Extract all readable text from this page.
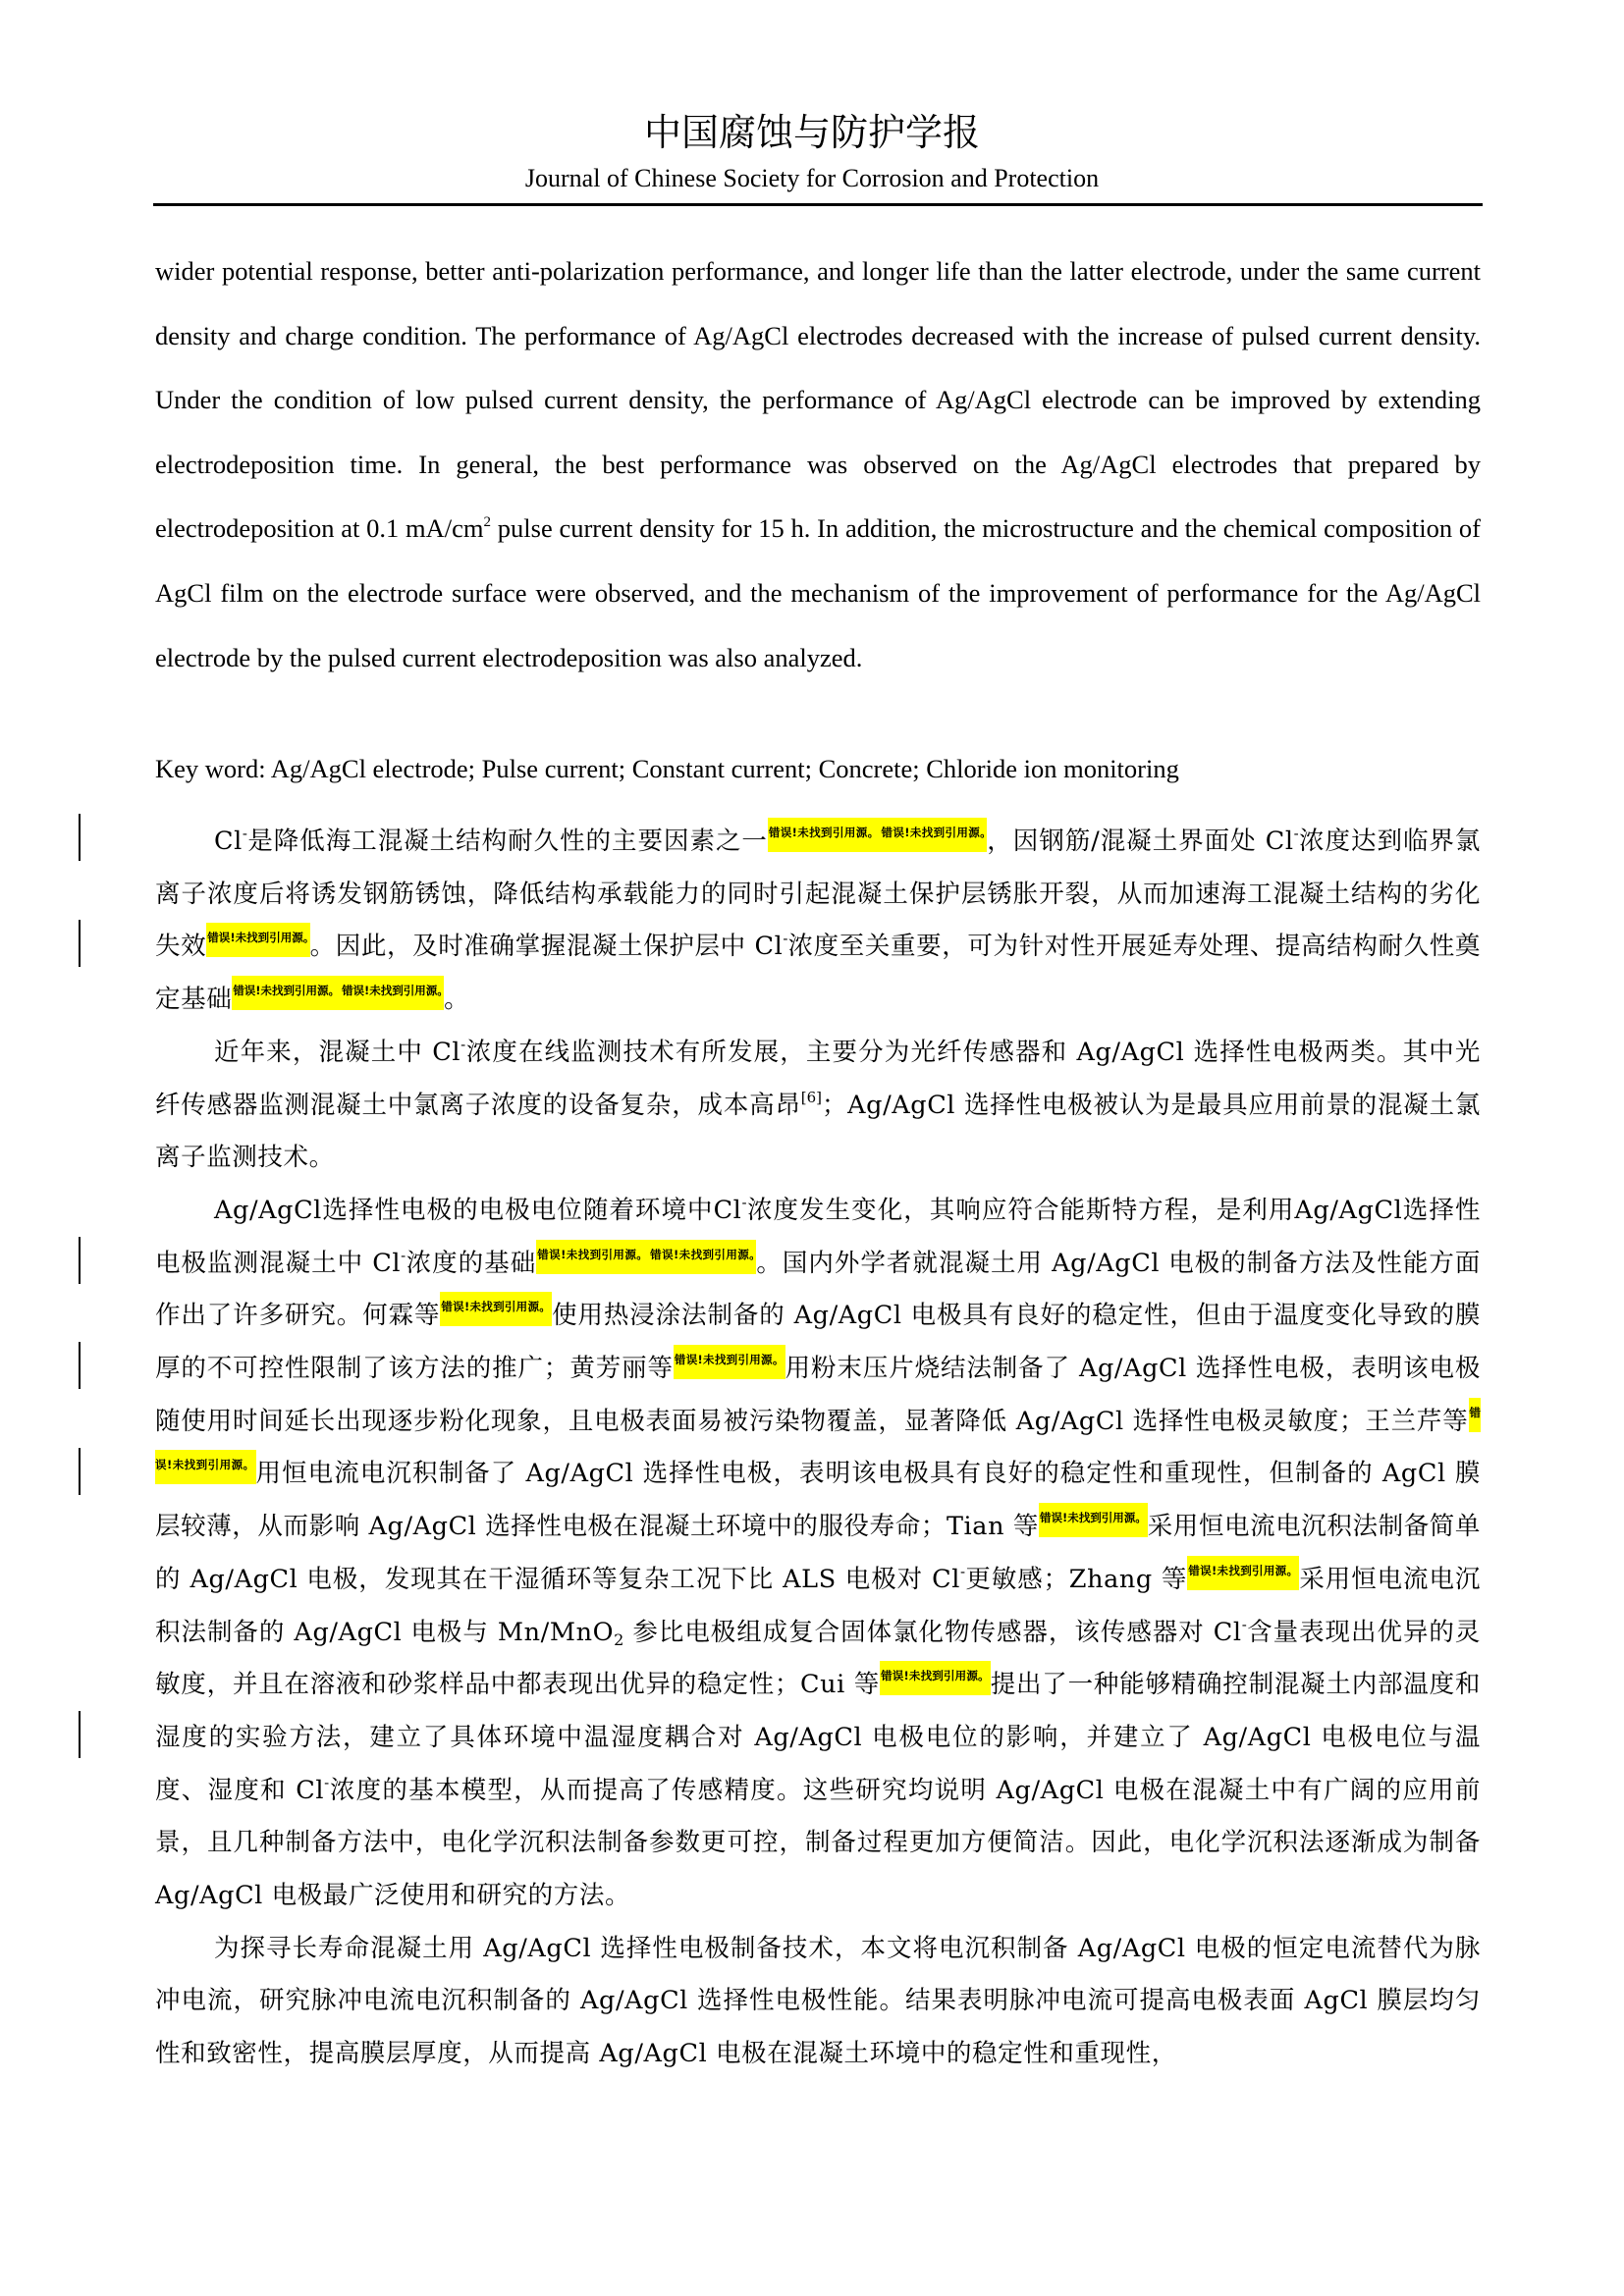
中国腐蚀与防护学报
Journal of Chinese Society for Corrosion and Protection
wider potential response, better anti-polarization performance, and longer life than the latter electrode, under the same current density and charge condition. The performance of Ag/AgCl electrodes decreased with the increase of pulsed current density. Under the condition of low pulsed current density, the performance of Ag/AgCl electrode can be improved by extending electrodeposition time. In general, the best performance was observed on the Ag/AgCl electrodes that prepared by electrodeposition at 0.1 $mA/cm^2$ pulse current density for 15 h. In addition, the microstructure and the chemical composition of AgCl film on the electrode surface were observed, and the mechanism of the improvement of performance for the Ag/AgCl electrode by the pulsed current electrodeposition was also analyzed.
Key word: Ag/AgCl electrode; Pulse current; Constant current; Concrete; Chloride ion monitoring

Cl-是降低海工混凝土结构耐久性的主要因素之一$^{错误!未找到引用源。}$ $^{错误!未找到引用源。}$，因钢筋/混凝土界面处 Cl-浓度达到临界氯离子浓度后将诱发钢筋锈蚀，降低结构承载能力的同时引起混凝土保护层锈胀开裂，从而加速海工混凝土结构的劣化失效$^{错误!未找到引用源。}$。因此，及时准确掌握混凝土保护层中 Cl-浓度至关重要，可为针对性开展延寿处理、提高结构耐久性奠定基础$^{错误!未找到引用源。}$ $^{错误!未找到引用源。}$。

近年来，混凝土中 Cl-浓度在线监测技术有所发展，主要分为光纤传感器和 Ag/AgCl 选择性电极两类。其中光纤传感器监测混凝土中氯离子浓度的设备复杂，成本高昂[6]；Ag/AgCl 选择性电极被认为是最具应用前景的混凝土氯离子监测技术。

Ag/AgCl选择性电极的电极电位随着环境中Cl-浓度发生变化，其响应符合能斯特方程，是利用Ag/AgCl选择性电极监测混凝土中 Cl-浓度的基础$^{错误!未找到引用源。}$ $^{错误!未找到引用源。}$。国内外学者就混凝土用 Ag/AgCl 电极的制备方法及性能方面作出了许多研究。何霖等$^{错误!未找到引用源。}$使用热浸涂法制备的 Ag/AgCl 电极具有良好的稳定性，但由于温度变化导致的膜厚的不可控性限制了该方法的推广；黄芳丽等$^{错误!未找到引用源。}$用粉末压片烧结法制备了 Ag/AgCl 选择性电极，表明该电极随使用时间延长出现逐步粉化现象，且电极表面易被污染物覆盖，显著降低 Ag/AgCl 选择性电极灵敏度；王兰芹等$^{错误!未找到引用源。}$用恒电流电沉积制备了 Ag/AgCl 选择性电极，表明该电极具有良好的稳定性和重现性，但制备的 AgCl 膜层较薄，从而影响 Ag/AgCl 选择性电极在混凝土环境中的服役寿命；Tian 等$^{错误!未找到引用源。}$采用恒电流电沉积法制备简单的 Ag/AgCl 电极，发现其在干湿循环等复杂工况下比 ALS 电极对 Cl-更敏感；Zhang 等$^{错误!未找到引用源。}$采用恒电流电沉积法制备的 Ag/AgCl 电极与 Mn/MnO$_2$ 参比电极组成复合固体氯化物传感器，该传感器对 Cl-含量表现出优异的灵敏度，并且在溶液和砂浆样品中都表现出优异的稳定性；Cui 等$^{错误!未找到引用源。}$提出了一种能够精确控制混凝土内部温度和湿度的实验方法，建立了具体环境中温湿度耦合对 Ag/AgCl 电极电位的影响，并建立了 Ag/AgCl 电极电位与温度、湿度和 Cl-浓度的基本模型，从而提高了传感精度。这些研究均说明 Ag/AgCl 电极在混凝土中有广阔的应用前景，且几种制备方法中，电化学沉积法制备参数更可控，制备过程更加方便简洁。因此，电化学沉积法逐渐成为制备 Ag/AgCl 电极最广泛使用和研究的方法。

为探寻长寿命混凝土用 Ag/AgCl 选择性电极制备技术，本文将电沉积制备 Ag/AgCl 电极的恒定电流替代为脉冲电流，研究脉冲电流电沉积制备的 Ag/AgCl 选择性电极性能。结果表明脉冲电流可提高电极表面 AgCl 膜层均匀性和致密性，提高膜层厚度，从而提高 Ag/AgCl 电极在混凝土环境中的稳定性和重现性，
